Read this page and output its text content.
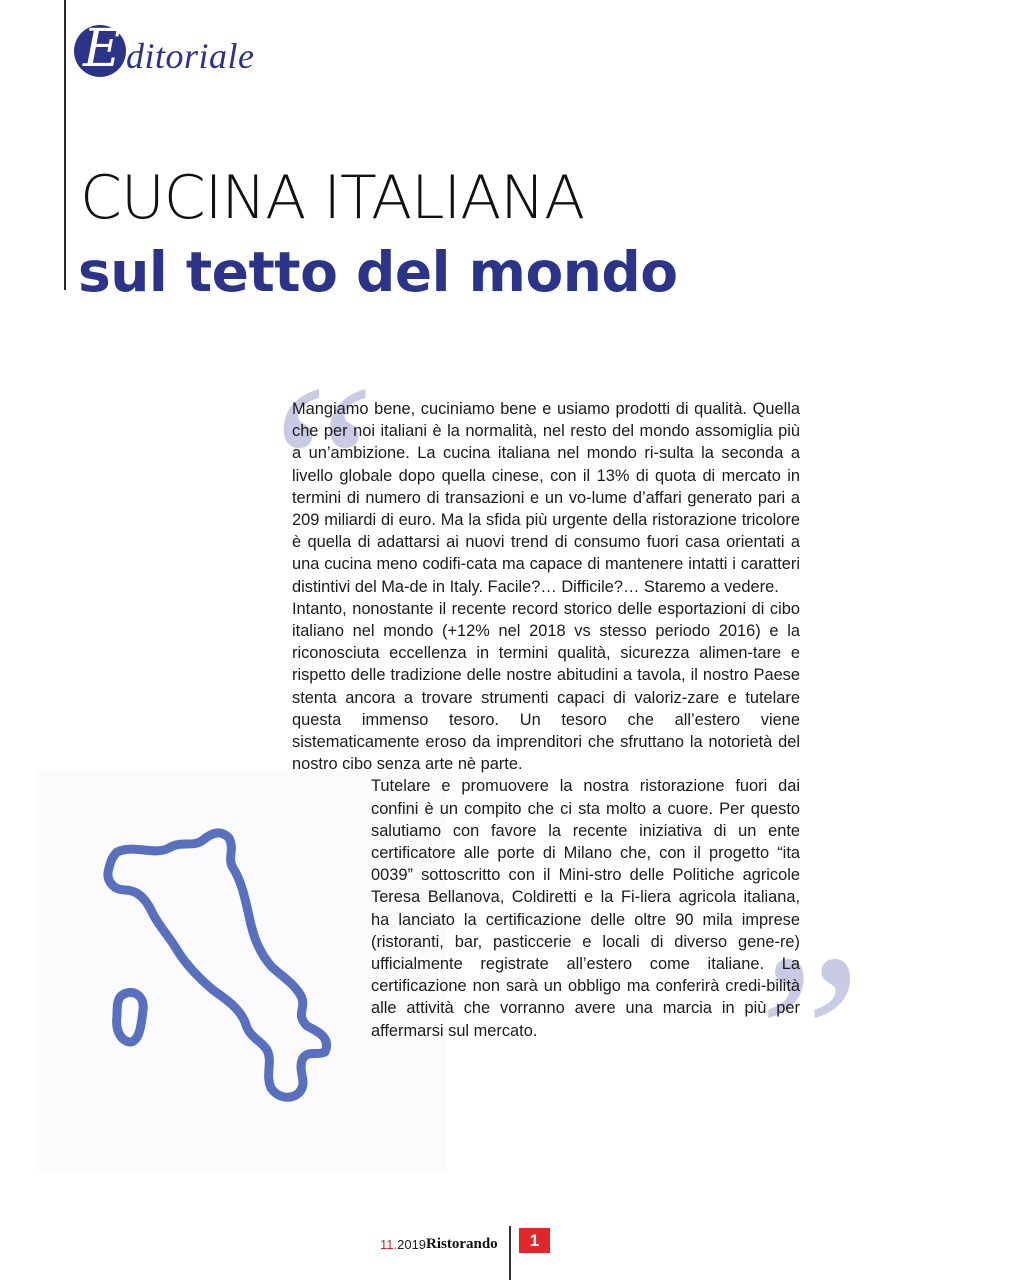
E ditoriale
CUCINA ITALIANA
sul tetto del mondo
“
”

Mangiamo bene, cuciniamo bene e usiamo prodotti di qualità. Quella che per noi italiani è la normalità, nel resto del mondo assomiglia più a un’ambizione. La cucina italiana nel mondo ri-sulta la seconda a livello globale dopo quella cinese, con il 13% di quota di mercato in termini di numero di transazioni e un vo-lume d’affari generato pari a 209 miliardi di euro. Ma la sfida più urgente della ristorazione tricolore è quella di adattarsi ai nuovi trend di consumo fuori casa orientati a una cucina meno codifi-cata ma capace di mantenere intatti i caratteri distintivi del Ma-de in Italy. Facile?… Difficile?… Staremo a vedere.

Intanto, nonostante il recente record storico delle esportazioni di cibo italiano nel mondo (+12% nel 2018 vs stesso periodo 2016) e la riconosciuta eccellenza in termini qualità, sicurezza alimen-tare e rispetto delle tradizione delle nostre abitudini a tavola, il nostro Paese stenta ancora a trovare strumenti capaci di valoriz-zare e tutelare questa immenso tesoro. Un tesoro che all’estero viene sistematicamente eroso da imprenditori che sfruttano la notorietà del nostro cibo senza arte nè parte.

Tutelare e promuovere la nostra ristorazione fuori dai confini è un compito che ci sta molto a cuore. Per questo salutiamo con favore la recente iniziativa di un ente certificatore alle porte di Milano che, con il progetto “ita 0039” sottoscritto con il Mini-stro delle Politiche agricole Teresa Bellanova, Coldiretti e la Fi-liera agricola italiana, ha lanciato la certificazione delle oltre 90 mila imprese (ristoranti, bar, pasticcerie e locali di diverso gene-re) ufficialmente registrate all’estero come italiane. La certificazione non sarà un obbligo ma conferirà credi-bilità alle attività che vorranno avere una marcia in più per affermarsi sul mercato.

11.2019 Ristorando	1
